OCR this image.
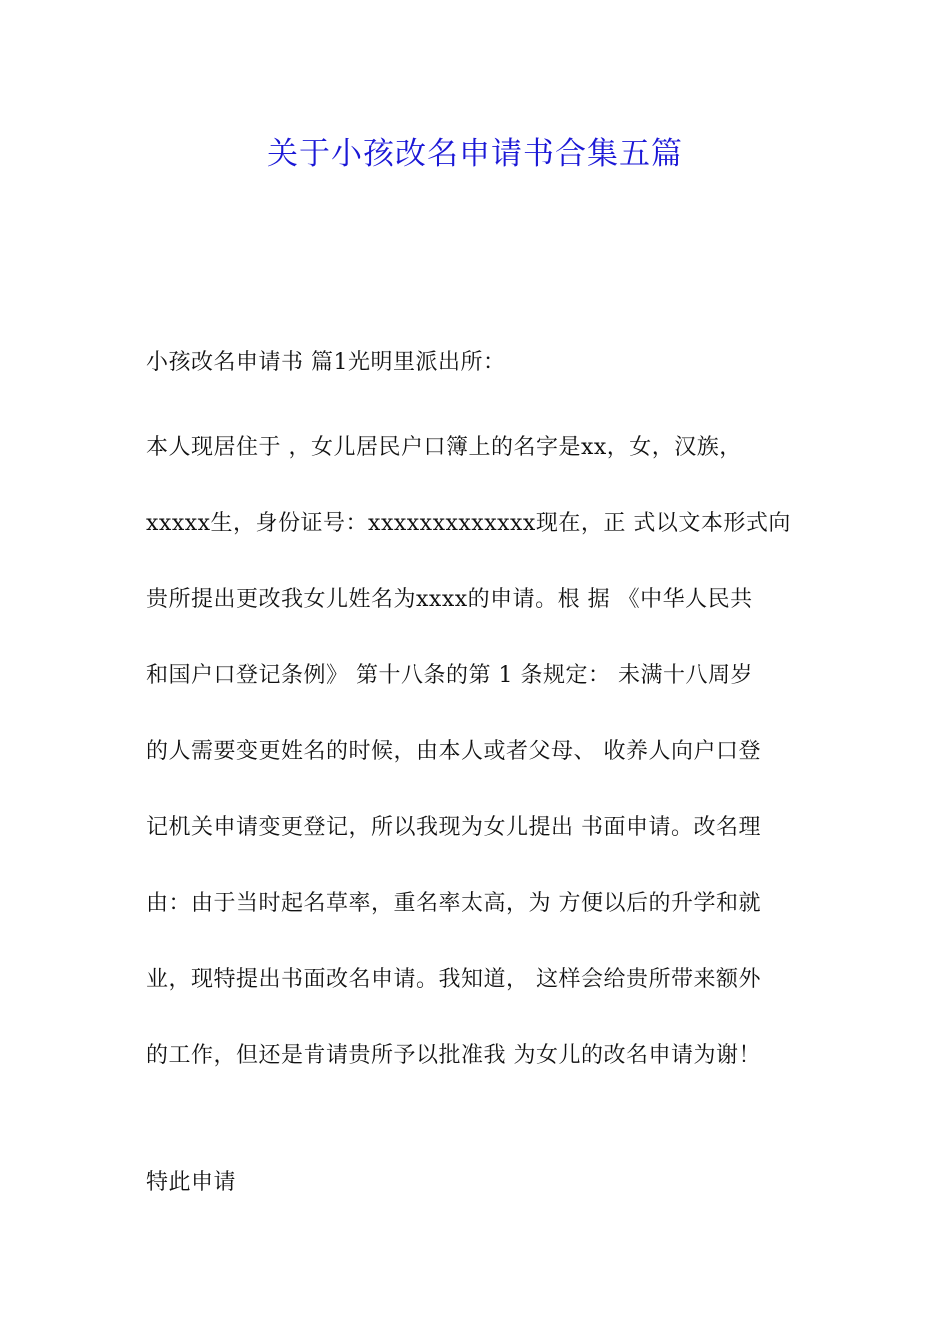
关于小孩改名申请书合集五篇
小孩改名申请书 篇1光明里派出所：
本人现居住于 ，女儿居民户口簿上的名字是xx，女，汉族，
xxxxx生，身份证号：xxxxxxxxxxxxx现在，正 式以文本形式向
贵所提出更改我女儿姓名为xxxx的申请。根 据 《中华人民共
和国户口登记条例》 第十八条的第 1 条规定： 未满十八周岁
的人需要变更姓名的时候，由本人或者父母、 收养人向户口登
记机关申请变更登记，所以我现为女儿提出 书面申请。改名理
由：由于当时起名草率，重名率太高，为 方便以后的升学和就
业，现特提出书面改名申请。我知道， 这样会给贵所带来额外
的工作，但还是肯请贵所予以批准我 为女儿的改名申请为谢！
特此申请
